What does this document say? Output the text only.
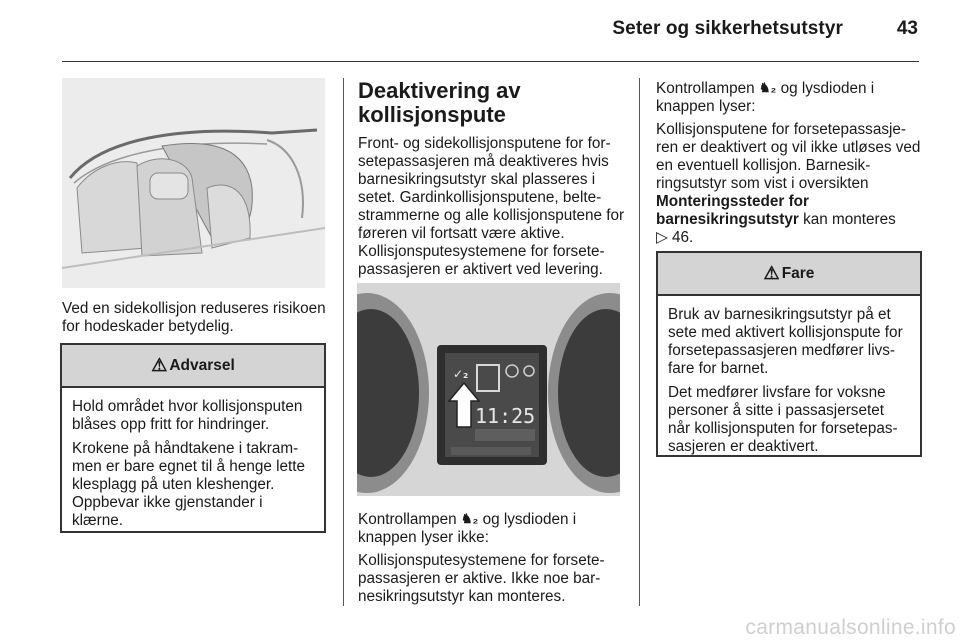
Seter og sikkerhetsutstyr	43

Ved en sidekollisjon reduseres risikoen for hodeskader betydelig.

⚠ Advarsel

Hold området hvor kollisjonsputen blåses opp fritt for hindringer.

Krokene på håndtakene i takrammen er bare egnet til å henge lette klesplagg på uten kleshenger. Oppbevar ikke gjenstander i klærne.

Deaktivering av kollisjonspute

Front- og sidekollisjonsputene for forsetepassasjeren må deaktiveres hvis barnesikringsutstyr skal plasseres i setet. Gardinkollisjonsputene, beltestrammerne og alle kollisjonsputene for føreren vil fortsatt være aktive. Kollisjonsputesystemene for forsetepassasjeren er aktivert ved levering.

✓₂
11:25

Kontrollampen ♞₂ og lysdioden i knappen lyser ikke:

Kollisjonsputesystemene for forsetepassasjeren er aktive. Ikke noe barnesikringsutstyr kan monteres.

Kontrollampen ♞₂ og lysdioden i knappen lyser:

Kollisjonsputene for forsetepassasjeren er deaktivert og vil ikke utløses ved en eventuell kollisjon. Barnesikringsutstyr som vist i oversikten Monteringssteder for barnesikringsutstyr kan monteres
▷ 46.

⚠ Fare

Bruk av barnesikringsutstyr på et sete med aktivert kollisjonspute for forsetepassasjeren medfører livsfare for barnet.

Det medfører livsfare for voksne personer å sitte i passasjersetet når kollisjonsputen for forsetepassasjeren er deaktivert.

carmanualsonline.info
